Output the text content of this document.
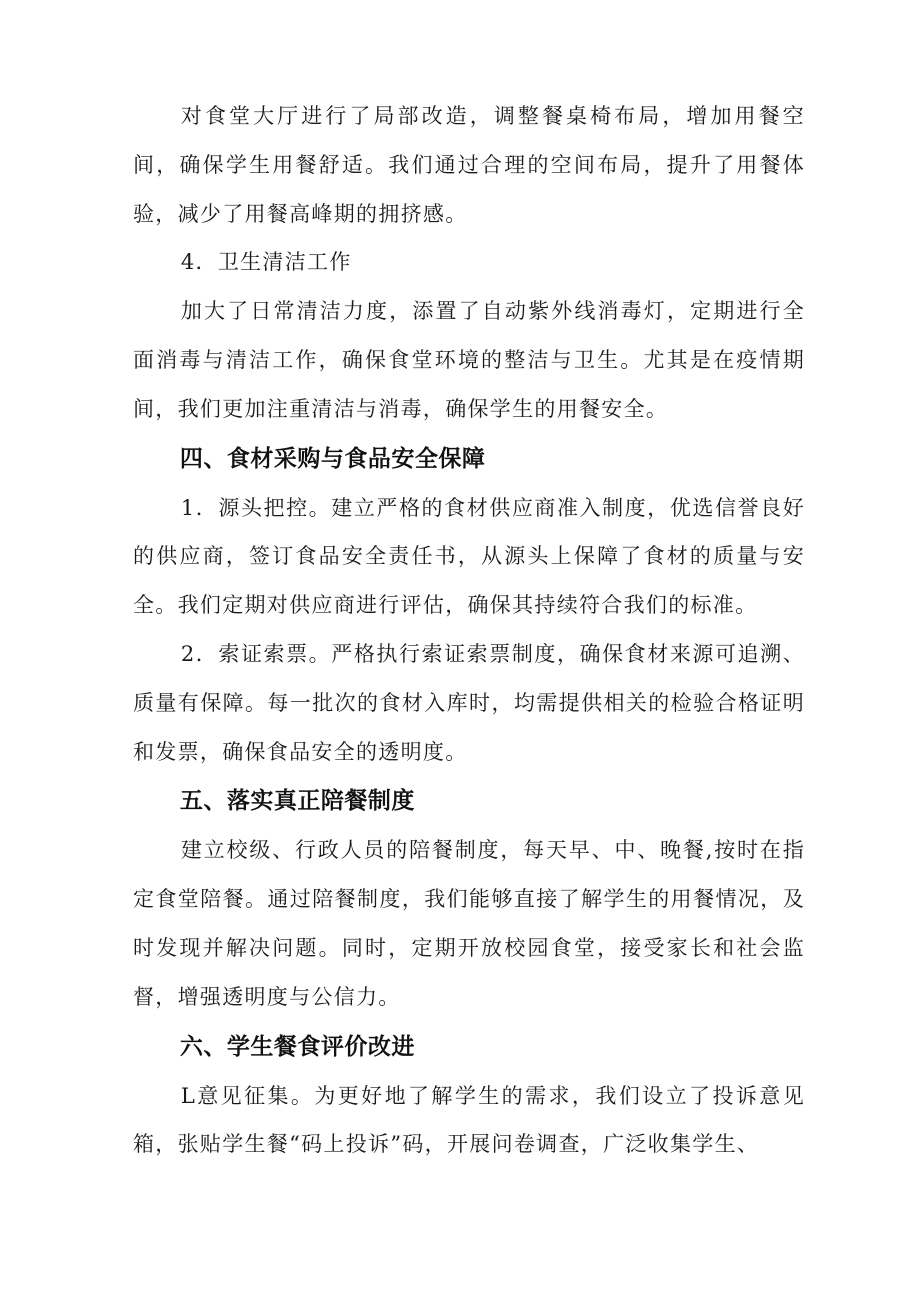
对食堂大厅进行了局部改造，调整餐桌椅布局，增加用餐空间，确保学生用餐舒适。我们通过合理的空间布局，提升了用餐体验，减少了用餐高峰期的拥挤感。

4．卫生清洁工作

加大了日常清洁力度，添置了自动紫外线消毒灯，定期进行全面消毒与清洁工作，确保食堂环境的整洁与卫生。尤其是在疫情期间，我们更加注重清洁与消毒，确保学生的用餐安全。

四、食材采购与食品安全保障

1．源头把控。建立严格的食材供应商准入制度，优选信誉良好的供应商，签订食品安全责任书，从源头上保障了食材的质量与安全。我们定期对供应商进行评估，确保其持续符合我们的标准。

2．索证索票。严格执行索证索票制度，确保食材来源可追溯、质量有保障。每一批次的食材入库时，均需提供相关的检验合格证明和发票，确保食品安全的透明度。

五、落实真正陪餐制度

建立校级、行政人员的陪餐制度，每天早、中、晚餐,按时在指定食堂陪餐。通过陪餐制度，我们能够直接了解学生的用餐情况，及时发现并解决问题。同时，定期开放校园食堂，接受家长和社会监督，增强透明度与公信力。

六、学生餐食评价改进

L意见征集。为更好地了解学生的需求，我们设立了投诉意见箱，张贴学生餐“码上投诉”码，开展问卷调查，广泛收集学生、
